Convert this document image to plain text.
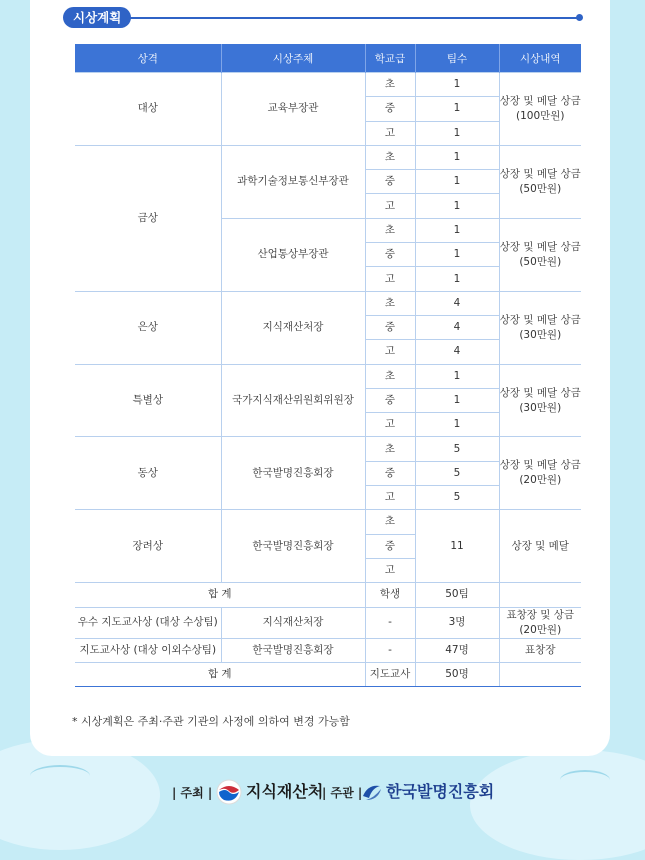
시상계획
상격	시상주체	학교급	팀수	시상내역
대상	교육부장관	초	1	상장 및 메달 상금(100만원)
		중	1	
		고	1	
금상	과학기술정보통신부장관	초	1	상장 및 메달 상금(50만원)
		중	1	
		고	1	
	산업통상부장관	초	1	상장 및 메달 상금(50만원)
		중	1	
		고	1	
은상	지식재산처장	초	4	상장 및 메달 상금(30만원)
		중	4	
		고	4	
특별상	국가지식재산위원회위원장	초	1	상장 및 메달 상금(30만원)
		중	1	
		고	1	
동상	한국발명진흥회장	초	5	상장 및 메달 상금(20만원)
		중	5	
		고	5	
장려상	한국발명진흥회장	초	11	상장 및 메달
		중		
		고		
합 계		학생	50팀	
우수 지도교사상 (대상 수상팀)	지식재산처장	-	3명	표창장 및 상금(20만원)
지도교사상 (대상 이외수상팀)	한국발명진흥회장	-	47명	표창장
합 계		지도교사	50명	
* 시상계획은 주최·주관 기관의 사정에 의하여 변경 가능함
| 주최 | 지식재산처
| 주관 | 한국발명진흥회
